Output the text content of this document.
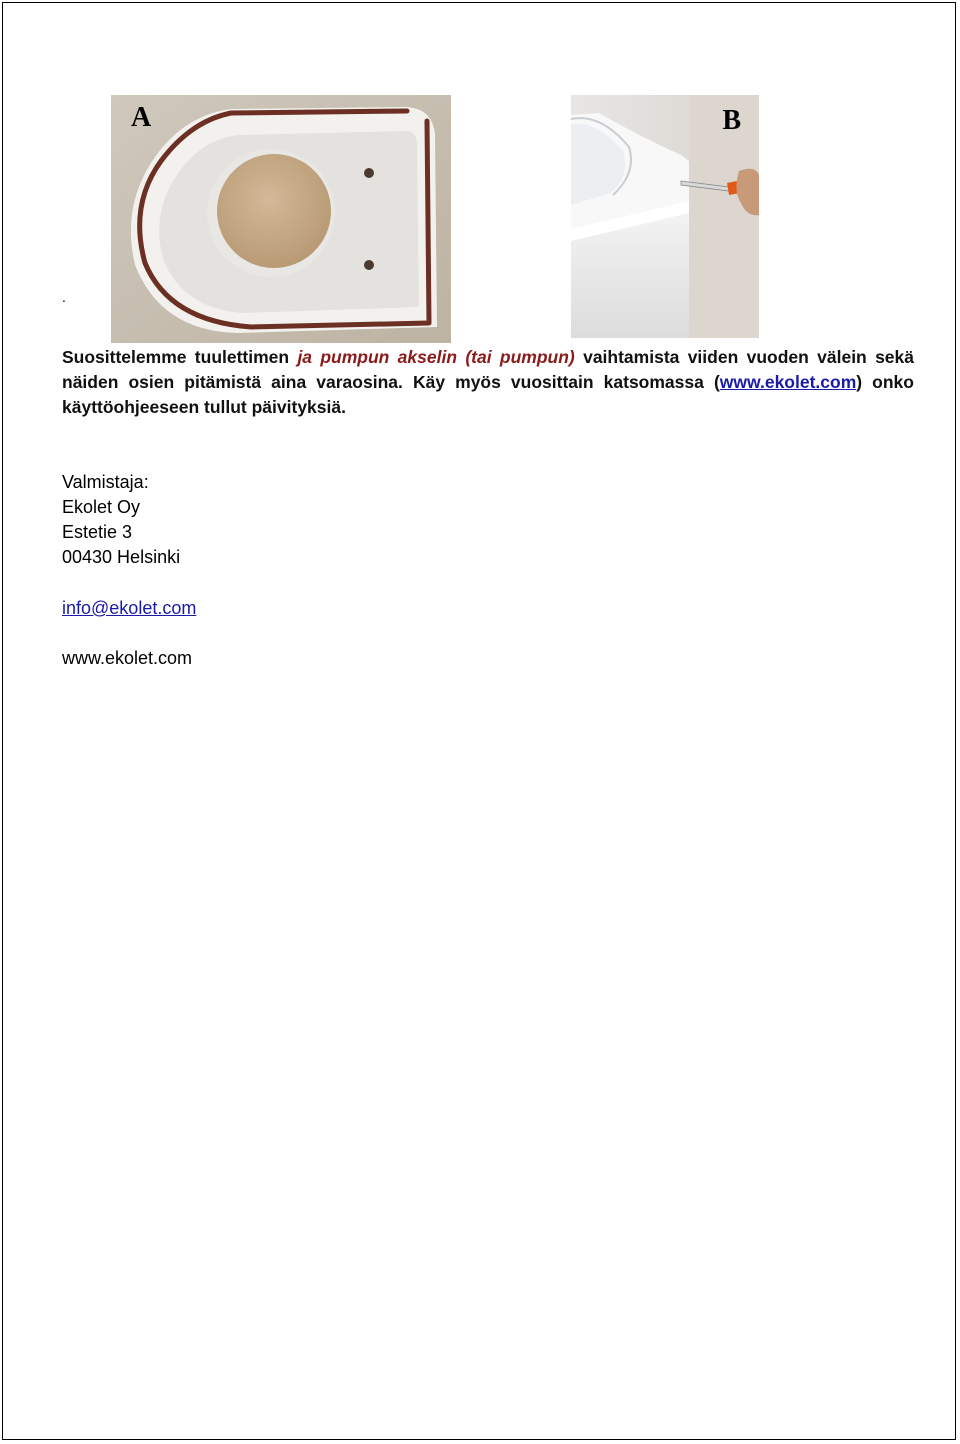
A	B
.
Suosittelemme tuulettimen ja pumpun akselin (tai pumpun) vaihtamista viiden vuoden välein sekä näiden osien pitämistä aina varaosina. Käy myös vuosittain katsomassa (www.ekolet.com) onko käyttöohjeeseen tullut päivityksiä.
Valmistaja:
Ekolet Oy
Estetie 3
00430 Helsinki
info@ekolet.com
www.ekolet.com
